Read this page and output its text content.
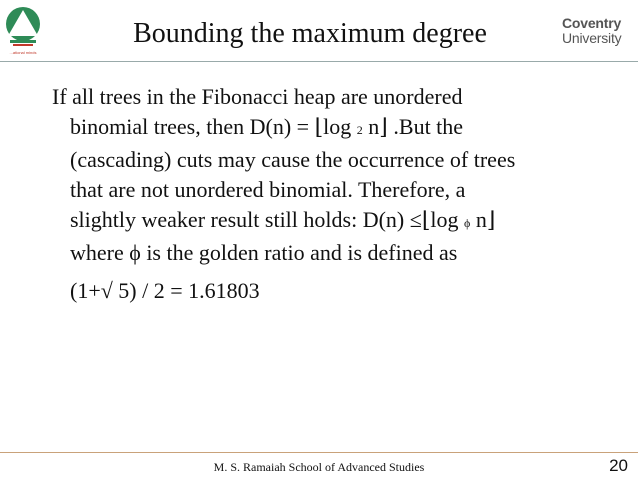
...ational minds
Bounding the maximum degree	Coventry
University
If all trees in the Fibonacci heap are unordered
binomial trees, then D(n) = ⌊log 2 n⌋ .But the
(cascading) cuts may cause the occurrence of trees
that are not unordered binomial. Therefore, a
slightly weaker result still holds: D(n) ≤⌊log ϕ n⌋
where ϕ is the golden ratio and is defined as
(1+√ 5) / 2 = 1.61803
M. S. Ramaiah School of Advanced Studies	20
